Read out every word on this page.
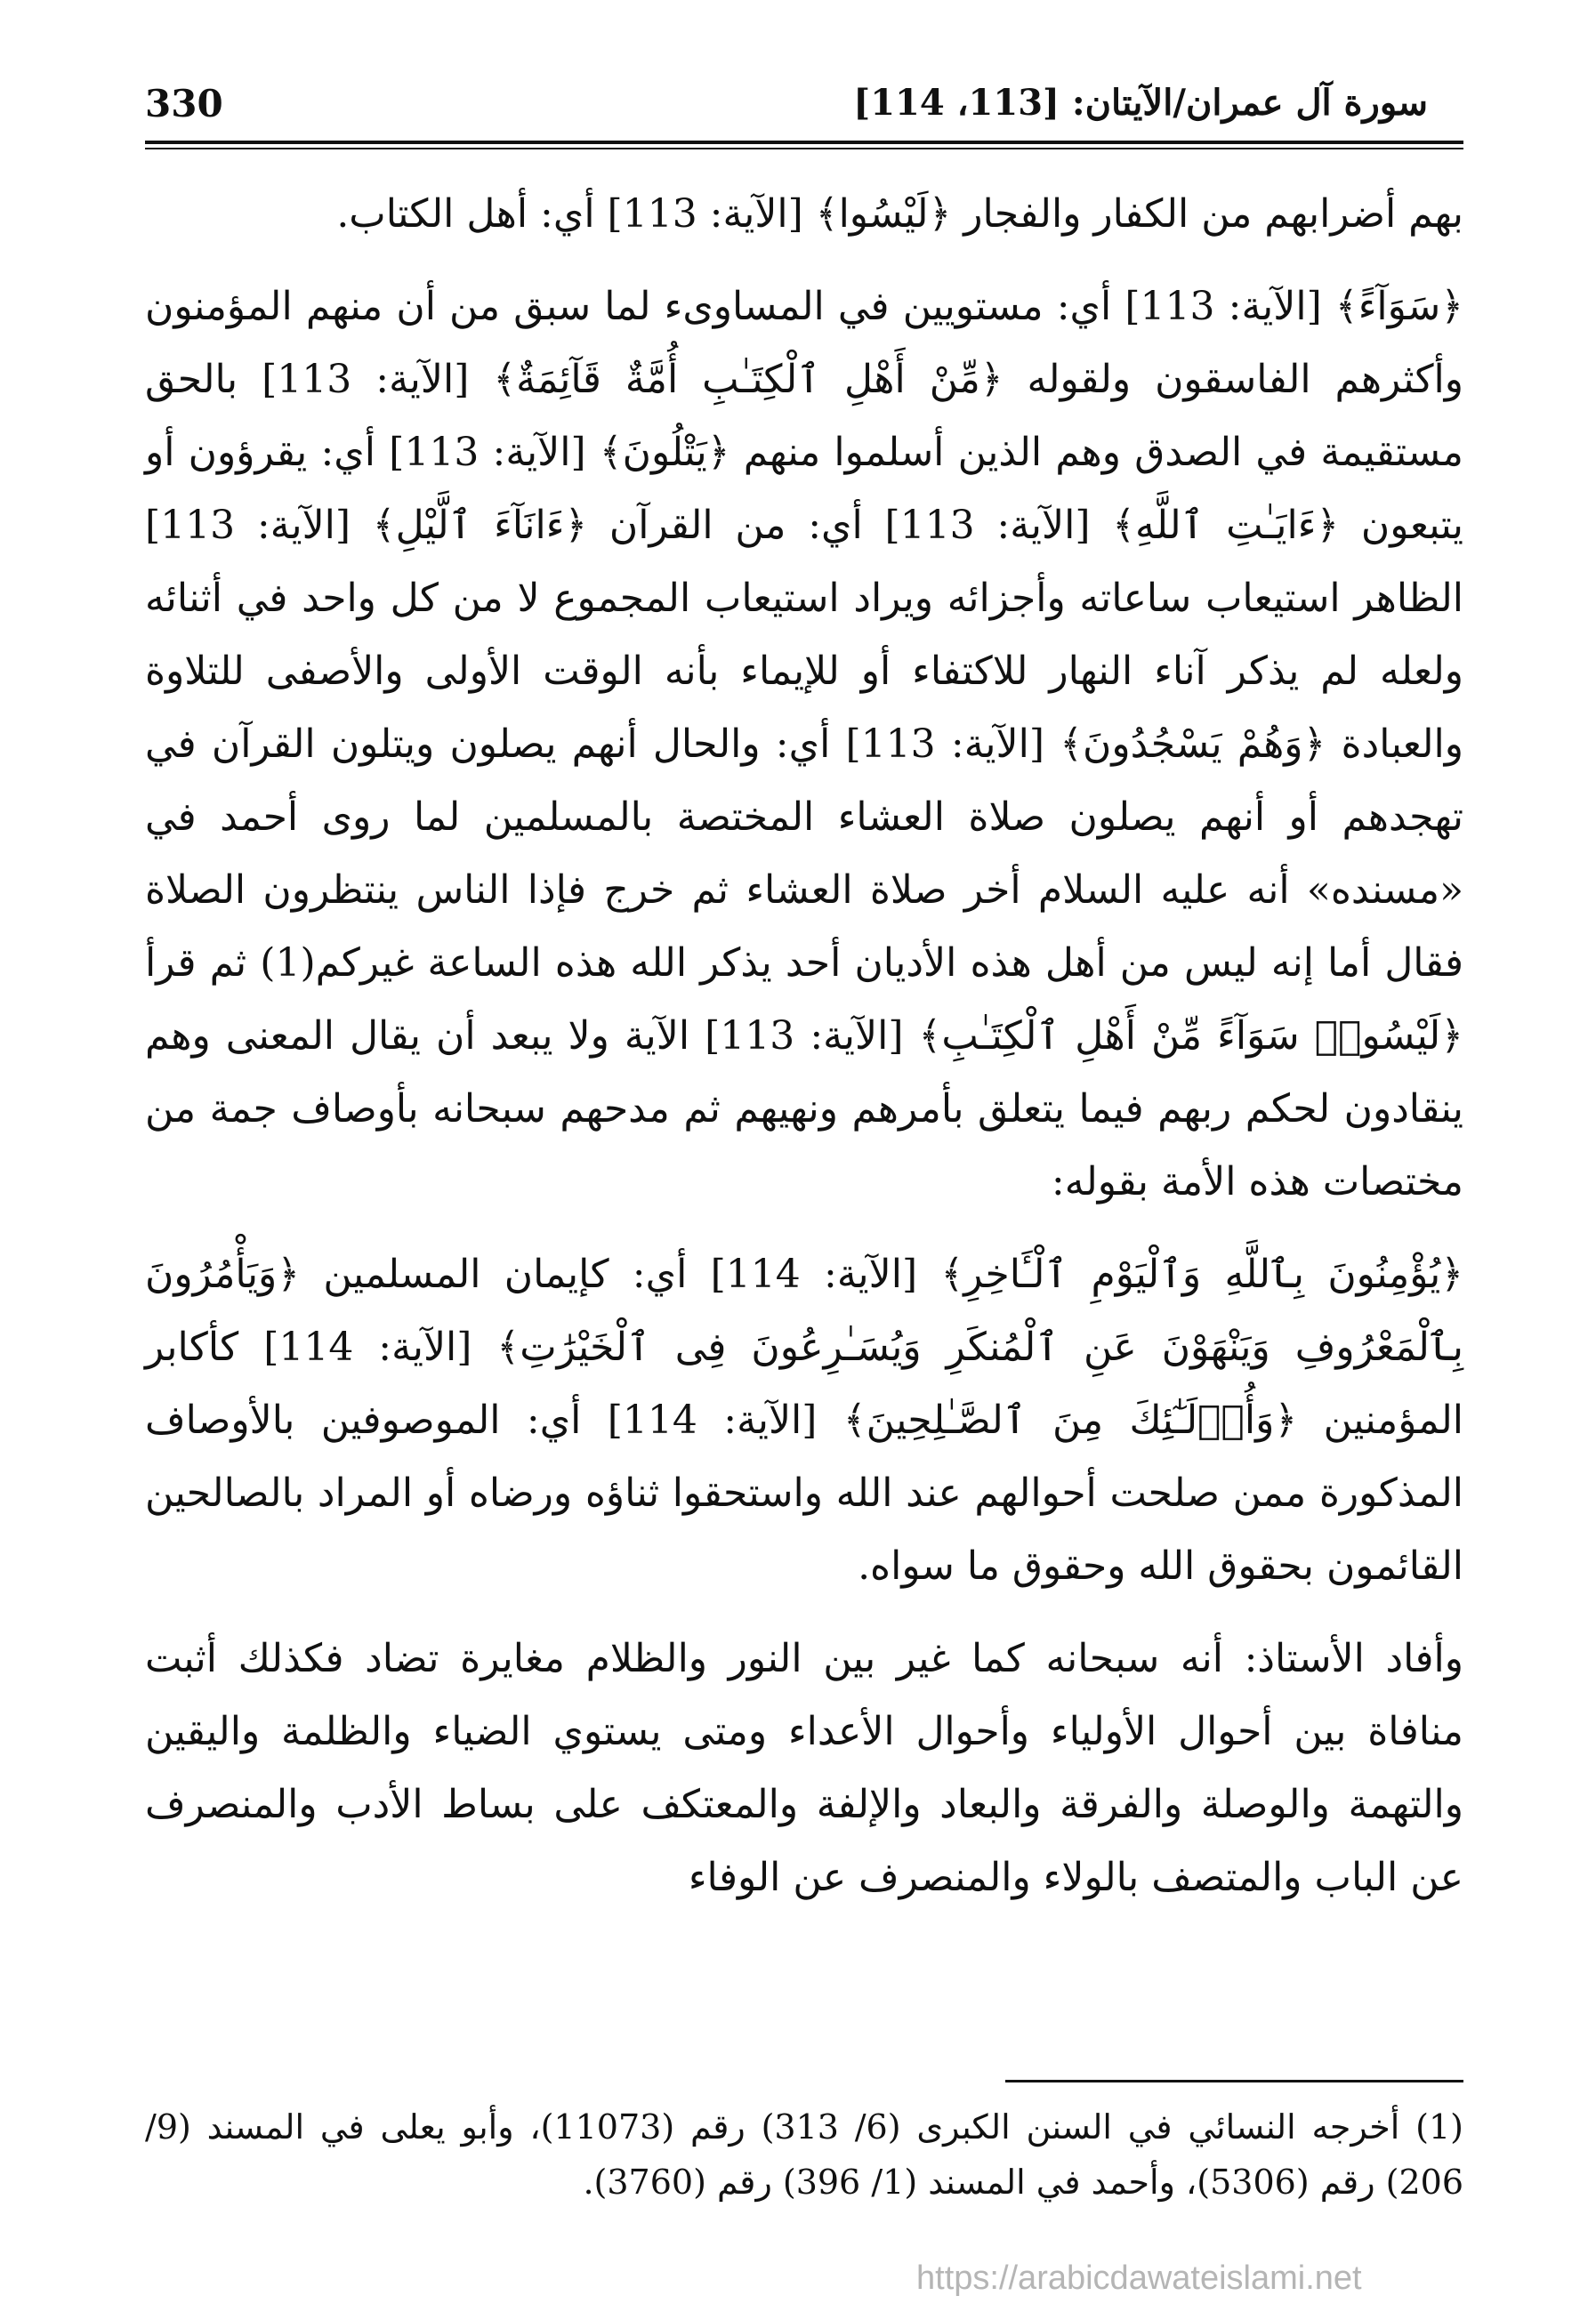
سورة آل عمران/الآيتان: [113، 114]
330

بهم أضرابهم من الكفار والفجار ﴿لَيْسُوا﴾ [الآية: 113] أي: أهل الكتاب.

﴿سَوَآءً﴾ [الآية: 113] أي: مستويين في المساوىء لما سبق من أن منهم المؤمنون وأكثرهم الفاسقون ولقوله ﴿مِّنْ أَهْلِ ٱلْكِتَـٰبِ أُمَّةٌ قَآئِمَةٌ﴾ [الآية: 113] بالحق مستقيمة في الصدق وهم الذين أسلموا منهم ﴿يَتْلُونَ﴾ [الآية: 113] أي: يقرؤون أو يتبعون ﴿ءَايَـٰتِ ٱللَّهِ﴾ [الآية: 113] أي: من القرآن ﴿ءَانَآءَ ٱلَّيْلِ﴾ [الآية: 113] الظاهر استيعاب ساعاته وأجزائه ويراد استيعاب المجموع لا من كل واحد في أثنائه ولعله لم يذكر آناء النهار للاكتفاء أو للإيماء بأنه الوقت الأولى والأصفى للتلاوة والعبادة ﴿وَهُمْ يَسْجُدُونَ﴾ [الآية: 113] أي: والحال أنهم يصلون ويتلون القرآن في تهجدهم أو أنهم يصلون صلاة العشاء المختصة بالمسلمين لما روى أحمد في «مسنده» أنه عليه السلام أخر صلاة العشاء ثم خرج فإذا الناس ينتظرون الصلاة فقال أما إنه ليس من أهل هذه الأديان أحد يذكر الله هذه الساعة غيركم(1) ثم قرأ ﴿لَيْسُوا۟ سَوَآءً مِّنْ أَهْلِ ٱلْكِتَـٰبِ﴾ [الآية: 113] الآية ولا يبعد أن يقال المعنى وهم ينقادون لحكم ربهم فيما يتعلق بأمرهم ونهيهم ثم مدحهم سبحانه بأوصاف جمة من مختصات هذه الأمة بقوله:

﴿يُؤْمِنُونَ بِٱللَّهِ وَٱلْيَوْمِ ٱلْـَٔاخِرِ﴾ [الآية: 114] أي: كإيمان المسلمين ﴿وَيَأْمُرُونَ بِٱلْمَعْرُوفِ وَيَنْهَوْنَ عَنِ ٱلْمُنكَرِ وَيُسَـٰرِعُونَ فِى ٱلْخَيْرَٰتِ﴾ [الآية: 114] كأكابر المؤمنين ﴿وَأُو۟لَـٰٓئِكَ مِنَ ٱلصَّـٰلِحِينَ﴾ [الآية: 114] أي: الموصوفين بالأوصاف المذكورة ممن صلحت أحوالهم عند الله واستحقوا ثناؤه ورضاه أو المراد بالصالحين القائمون بحقوق الله وحقوق ما سواه.

وأفاد الأستاذ: أنه سبحانه كما غير بين النور والظلام مغايرة تضاد فكذلك أثبت منافاة بين أحوال الأولياء وأحوال الأعداء ومتى يستوي الضياء والظلمة واليقين والتهمة والوصلة والفرقة والبعاد والإلفة والمعتكف على بساط الأدب والمنصرف عن الباب والمتصف بالولاء والمنصرف عن الوفاء

(1) أخرجه النسائي في السنن الكبرى (6/ 313) رقم (11073)، وأبو يعلى في المسند (9/ 206) رقم (5306)، وأحمد في المسند (1/ 396) رقم (3760).

https://arabicdawateislami.net
